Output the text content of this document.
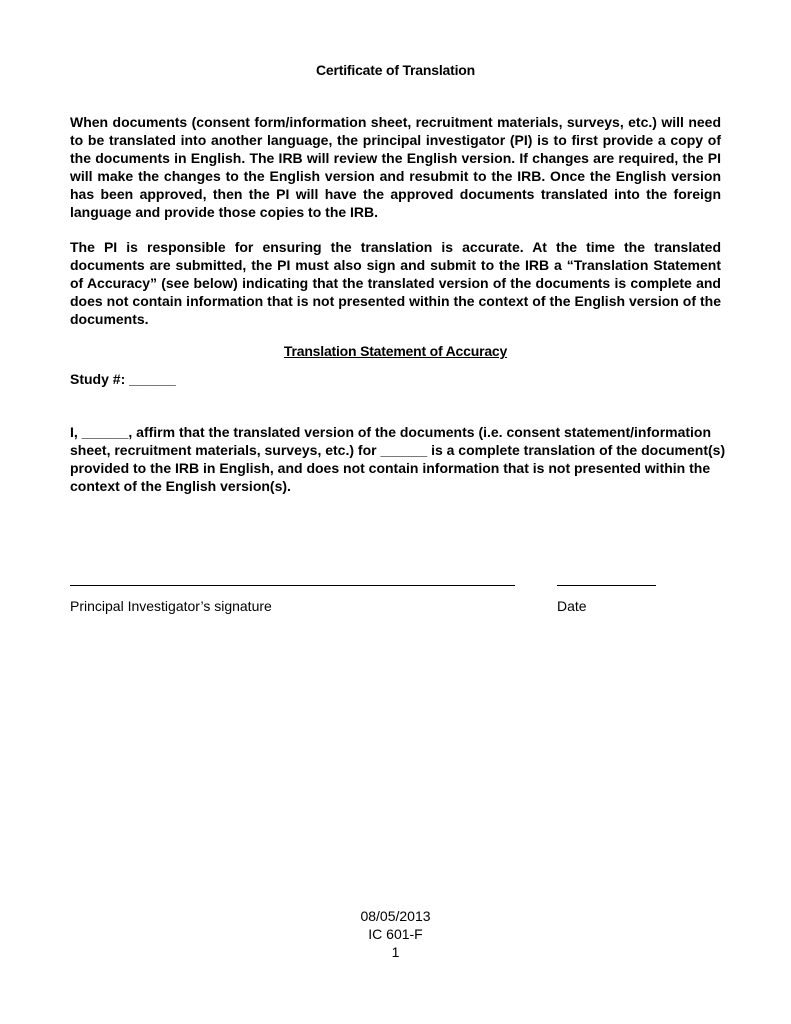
Certificate of Translation
When documents (consent form/information sheet, recruitment materials, surveys, etc.) will need to be translated into another language, the principal investigator (PI) is to first provide a copy of the documents in English. The IRB will review the English version. If changes are required, the PI will make the changes to the English version and resubmit to the IRB. Once the English version has been approved, then the PI will have the approved documents translated into the foreign language and provide those copies to the IRB.
The PI is responsible for ensuring the translation is accurate. At the time the translated documents are submitted, the PI must also sign and submit to the IRB a “Translation Statement of Accuracy” (see below) indicating that the translated version of the documents is complete and does not contain information that is not presented within the context of the English version of the documents.
Translation Statement of Accuracy
Study #: ______
I, ______, affirm that the translated version of the documents (i.e. consent statement/information sheet, recruitment materials, surveys, etc.) for ______ is a complete translation of the document(s) provided to the IRB in English, and does not contain information that is not presented within the context of the English version(s).
Principal Investigator’s signature	Date
08/05/2013
IC 601-F
1
